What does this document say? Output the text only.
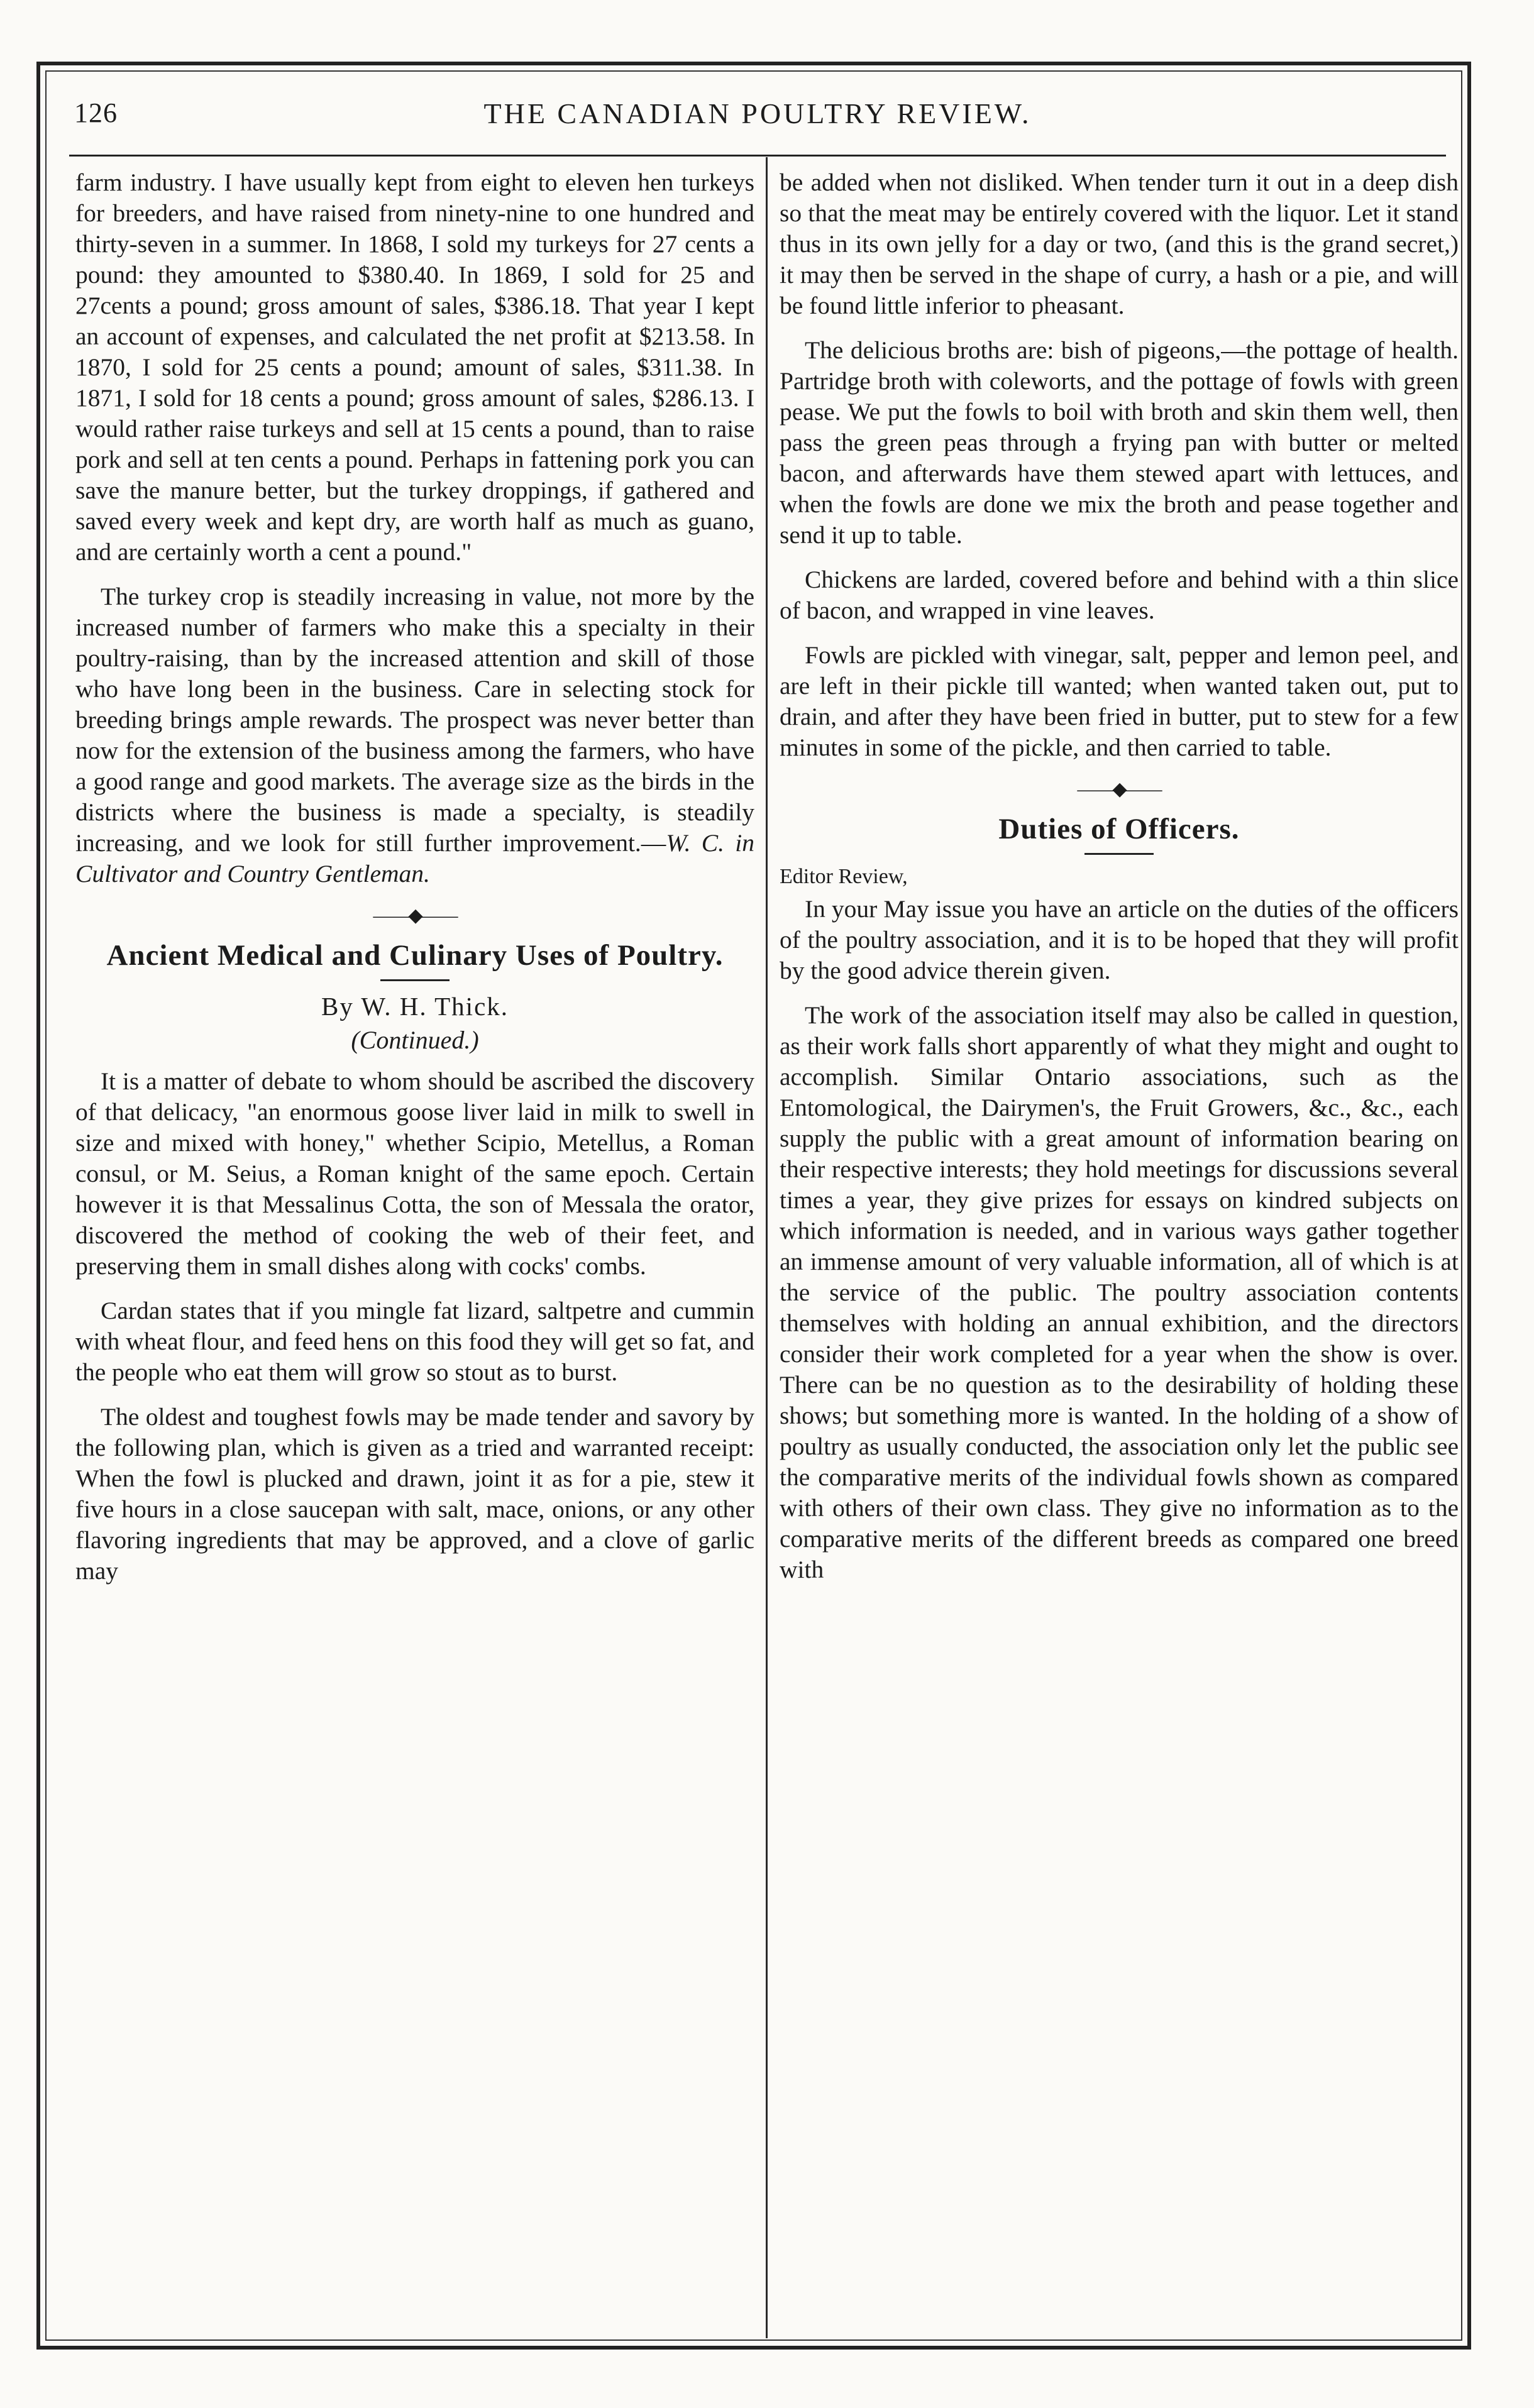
126	THE CANADIAN POULTRY REVIEW.

farm industry. I have usually kept from eight to eleven hen turkeys for breeders, and have raised from ninety-nine to one hundred and thirty-seven in a summer. In 1868, I sold my turkeys for 27 cents a pound: they amounted to $380.40. In 1869, I sold for 25 and 27cents a pound; gross amount of sales, $386.18. That year I kept an account of expenses, and calculated the net profit at $213.58. In 1870, I sold for 25 cents a pound; amount of sales, $311.38. In 1871, I sold for 18 cents a pound; gross amount of sales, $286.13. I would rather raise turkeys and sell at 15 cents a pound, than to raise pork and sell at ten cents a pound. Perhaps in fattening pork you can save the manure better, but the turkey droppings, if gathered and saved every week and kept dry, are worth half as much as guano, and are certainly worth a cent a pound."

The turkey crop is steadily increasing in value, not more by the increased number of farmers who make this a specialty in their poultry-raising, than by the increased attention and skill of those who have long been in the business. Care in selecting stock for breeding brings ample rewards. The prospect was never better than now for the extension of the business among the farmers, who have a good range and good markets. The average size as the birds in the districts where the business is made a specialty, is steadily increasing, and we look for still further improvement.—W. C. in Cultivator and Country Gentleman.

——◆——
Ancient Medical and Culinary Uses of Poultry.
By W. H. Thick.
(Continued.)

It is a matter of debate to whom should be ascribed the discovery of that delicacy, "an enormous goose liver laid in milk to swell in size and mixed with honey," whether Scipio, Metellus, a Roman consul, or M. Seius, a Roman knight of the same epoch. Certain however it is that Messalinus Cotta, the son of Messala the orator, discovered the method of cooking the web of their feet, and preserving them in small dishes along with cocks' combs.

Cardan states that if you mingle fat lizard, saltpetre and cummin with wheat flour, and feed hens on this food they will get so fat, and the people who eat them will grow so stout as to burst.

The oldest and toughest fowls may be made tender and savory by the following plan, which is given as a tried and warranted receipt: When the fowl is plucked and drawn, joint it as for a pie, stew it five hours in a close saucepan with salt, mace, onions, or any other flavoring ingredients that may be approved, and a clove of garlic may

be added when not disliked. When tender turn it out in a deep dish so that the meat may be entirely covered with the liquor. Let it stand thus in its own jelly for a day or two, (and this is the grand secret,) it may then be served in the shape of curry, a hash or a pie, and will be found little inferior to pheasant.

The delicious broths are: bish of pigeons,—the pottage of health. Partridge broth with coleworts, and the pottage of fowls with green pease. We put the fowls to boil with broth and skin them well, then pass the green peas through a frying pan with butter or melted bacon, and afterwards have them stewed apart with lettuces, and when the fowls are done we mix the broth and pease together and send it up to table.

Chickens are larded, covered before and behind with a thin slice of bacon, and wrapped in vine leaves.

Fowls are pickled with vinegar, salt, pepper and lemon peel, and are left in their pickle till wanted; when wanted taken out, put to drain, and after they have been fried in butter, put to stew for a few minutes in some of the pickle, and then carried to table.

——◆——
Duties of Officers.
Editor Review,

In your May issue you have an article on the duties of the officers of the poultry association, and it is to be hoped that they will profit by the good advice therein given.

The work of the association itself may also be called in question, as their work falls short apparently of what they might and ought to accomplish. Similar Ontario associations, such as the Entomological, the Dairymen's, the Fruit Growers, &c., &c., each supply the public with a great amount of information bearing on their respective interests; they hold meetings for discussions several times a year, they give prizes for essays on kindred subjects on which information is needed, and in various ways gather together an immense amount of very valuable information, all of which is at the service of the public. The poultry association contents themselves with holding an annual exhibition, and the directors consider their work completed for a year when the show is over. There can be no question as to the desirability of holding these shows; but something more is wanted. In the holding of a show of poultry as usually conducted, the association only let the public see the comparative merits of the individual fowls shown as compared with others of their own class. They give no information as to the comparative merits of the different breeds as compared one breed with
